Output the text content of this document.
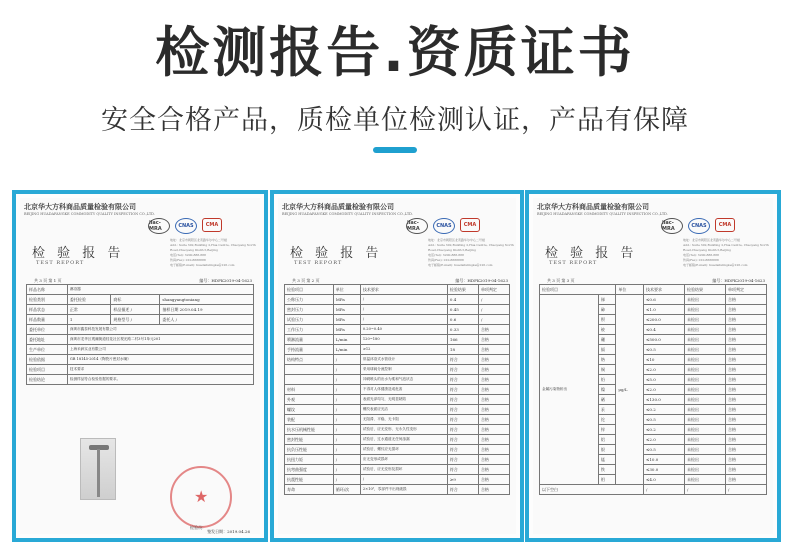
检测报告.资质证书
安全合格产品，质检单位检测认证，产品有保障
北京华大方科商品质量检验有限公司
BEIJING HUADAFANGKE COMMODITY QUALITY INSPECTION CO.,LTD.
ilac-MRA	CNAS	CMA
地址：北京市朝阳区北苑路华尔中心二号楼
Add.: Suite 302,Building 2,Hua Centre, Chaoyang North
Road,Chaoyang District,Beijing
电话(Tel): 3200-888-888
传真(Fax): 010-8888888
电子邮箱(E-mail): huadahxlingke@126.com
检 验 报 告
TEST REPORT
共 3 页 第 1 页	编号：HDFK2019-04-1623
样品名称	淋浴器		
检验类别	委托检验	商标	shangyangtoniang
样品状态	正常	样品描述 /	抽样日期 2019.04.19
样品数量	1	规格型号 /	委托人 /
委托单位	深圳市鑫泰科技发展有限公司		
委托地址	深圳市龙华区观澜街道桂花社区观光路二村3号1单元201		
生产单位	上海禾润实业有限公司		
检验依据	GB 18145-2014《陶瓷片密封水嘴》		
检验项目	技术要求		
检验结论	检测样品符合检验依据的要求。		
★
检验员：
签发日期：2019.04.26
北京华大方科商品质量检验有限公司
BEIJING HUADAFANGKE COMMODITY QUALITY INSPECTION CO.,LTD.
ilac-MRA	CNAS	CMA
地址：北京市朝阳区北苑路华尔中心二号楼
Add.: Suite 302,Building 2,Hua Centre, Chaoyang North
Road,Chaoyang District,Beijing
电话(Tel): 3200-888-888
传真(Fax): 010-8888888
电子邮箱(E-mail): huadahxlingke@126.com
检 验 报 告
TEST REPORT
共 3 页 第 2 页	编号：HDFK2019-04-1623
检验项目	单位	技术要求	检验结果	单项判定
公称压力	MPa	/	0.4	/
密封压力	MPa	/	0.45	/
试验压力	MPa	/	0.6	/
工作压力	MPa	0.20~0.40	0.33	合格
喷淋流量	L/min	120~180	166	合格
手持流量	L/min	≥12	18	合格
结构特点	/	常温沐浴式水管设计	符合	合格
	/	采用球阀分流控制	符合	合格
	/	冲刷喷头的出水为柔和气泡状态	符合	合格
材料	/	不得对人体健康造成危害	符合	合格
外观	/	表面光泽均匀，无明显缺陷	符合	合格
螺纹	/	螺纹表面应光洁	符合	合格
装配	/	无阻滞、平稳、无卡阻	符合	合格
抗水压机械性能	/	试验后，应无变形、无永久性变形	符合	合格
密封性能	/	试验后，过水通道无任何渗漏	符合	合格
抗负压性能	/	试验后，螺纹应无损坏	符合	合格
抗扭力矩	/	应无变形或损坏	符合	合格
抗弯曲强度	/	试验后，应无变形及损坏	符合	合格
抗震性能	/	/	≥9	合格
寿命	循环/次	2×10⁵，零部件不出现破损	符合	合格
北京华大方科商品质量检验有限公司
BEIJING HUADAFANGKE COMMODITY QUALITY INSPECTION CO.,LTD.
ilac-MRA	CNAS	CMA
地址：北京市朝阳区北苑路华尔中心二号楼
Add.: Suite 302,Building 2,Hua Centre, Chaoyang North
Road,Chaoyang District,Beijing
电话(Tel): 3200-888-888
传真(Fax): 010-8888888
电子邮箱(E-mail): huadahxlingke@126.com
检 验 报 告
TEST REPORT
共 3 页 第 3 页	编号：HDFK2019-04-1623
检验项目		单位	技术要求	检验结果	单项判定
金属污染物析出	锑	μg/L	≤0.6	未检出	合格
	砷		≤1.0	未检出	合格
	钡		≤200.0	未检出	合格
	铍		≤0.4	未检出	合格
	硼		≤500.0	未检出	合格
	镉		≤0.5	未检出	合格
	铬		≤10	未检出	合格
	铜		≤2.0	未检出	合格
	铅		≤5.0	未检出	合格
	镍		≤2.0	未检出	合格
	硒		≤130.0	未检出	合格
	汞		≤0.2	未检出	合格
	铊		≤0.5	未检出	合格
	锌		≤0.2	未检出	合格
	铝		≤2.0	未检出	合格
	银		≤0.5	未检出	合格
	锰		≤10.0	未检出	合格
	铁		≤30.0	未检出	合格
	钼		≤4.0	未检出	合格
以下空白			/	/	/
